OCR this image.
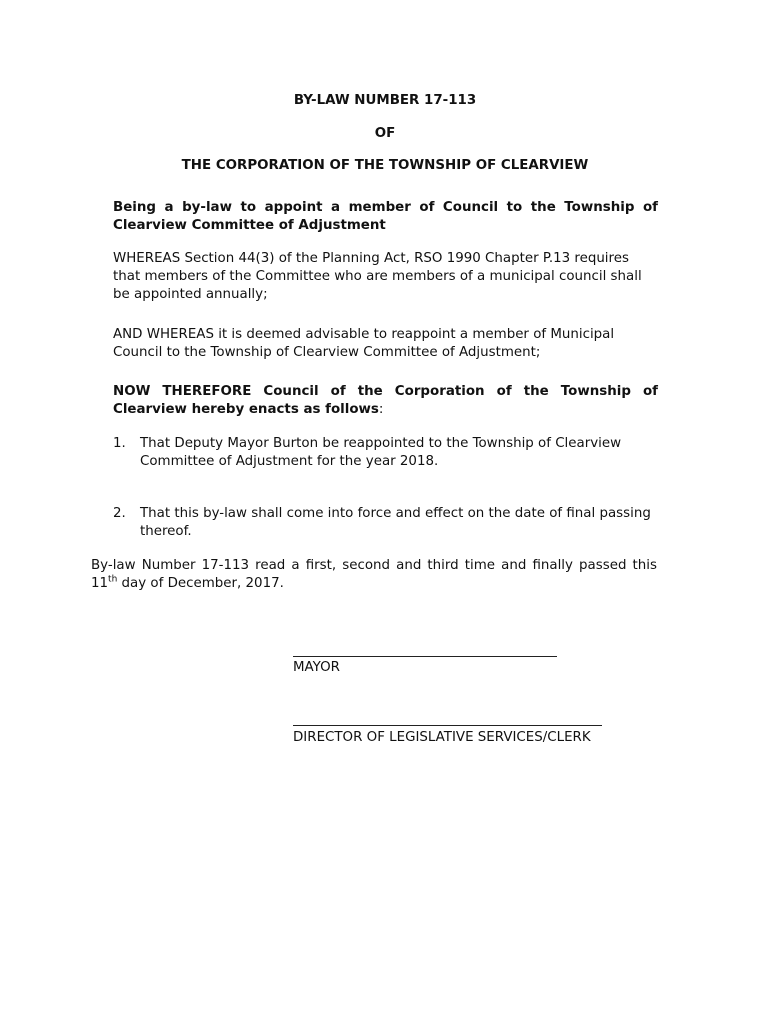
BY-LAW NUMBER 17-113
OF
THE CORPORATION OF THE TOWNSHIP OF CLEARVIEW
Being a by-law to appoint a member of Council to the Township of Clearview Committee of Adjustment
WHEREAS Section 44(3) of the Planning Act, RSO 1990 Chapter P.13 requires that members of the Committee who are members of a municipal council shall be appointed annually;
AND WHEREAS it is deemed advisable to reappoint a member of Municipal Council to the Township of Clearview Committee of Adjustment;
NOW THEREFORE Council of the Corporation of the Township of Clearview hereby enacts as follows:
1. That Deputy Mayor Burton be reappointed to the Township of Clearview Committee of Adjustment for the year 2018.
2. That this by-law shall come into force and effect on the date of final passing thereof.
By-law Number 17-113 read a first, second and third time and finally passed this 11th day of December, 2017.
MAYOR
DIRECTOR OF LEGISLATIVE SERVICES/CLERK
